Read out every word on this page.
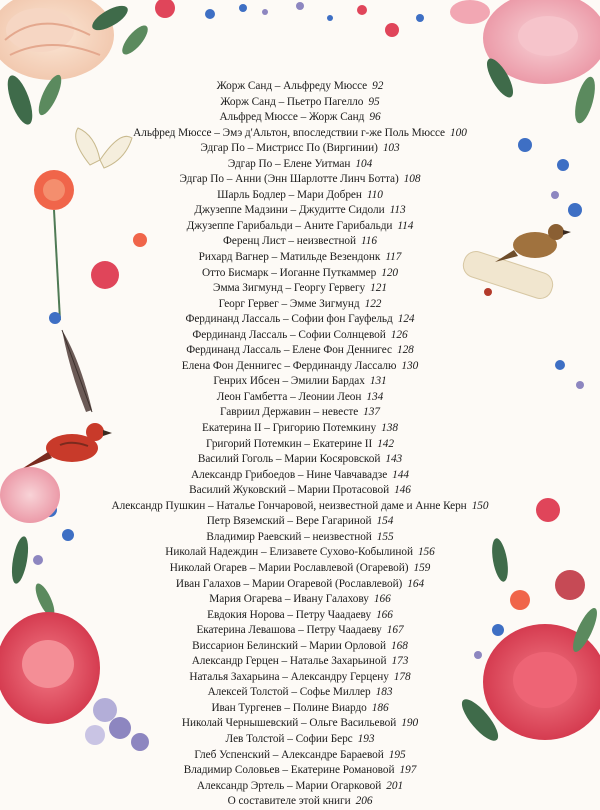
Жорж Санд – Альфреду Мюссе 92
Жорж Санд – Пьетро Пагелло 95
Альфред Мюссе – Жорж Санд 96
Альфред Мюссе – Эмэ д'Альтон, впоследствии г-же Поль Мюссе 100
Эдгар По – Мистрисс По (Виргинии) 103
Эдгар По – Елене Уитман 104
Эдгар По – Анни (Энн Шарлотте Линч Ботта) 108
Шарль Бодлер – Мари Добрен 110
Джузеппе Мадзини – Джудитте Сидоли 113
Джузеппе Гарибальди – Аните Гарибальди 114
Ференц Лист – неизвестной 116
Рихард Вагнер – Матильде Везендонк 117
Отто Бисмарк – Иоганне Путкаммер 120
Эмма Зигмунд – Георгу Гервегу 121
Георг Гервег – Эмме Зигмунд 122
Фердинанд Лассаль – Софии фон Гауфельд 124
Фердинанд Лассаль – Софии Солнцевой 126
Фердинанд Лассаль – Елене Фон Деннигес 128
Елена Фон Деннигес – Фердинанду Лассалю 130
Генрих Ибсен – Эмилии Бардах 131
Леон Гамбетта – Леонии Леон 134
Гавриил Державин – невесте 137
Екатерина II – Григорию Потемкину 138
Григорий Потемкин – Екатерине II 142
Василий Гоголь – Марии Косяровской 143
Александр Грибоедов – Нине Чавчавадзе 144
Василий Жуковский – Марии Протасовой 146
Александр Пушкин – Наталье Гончаровой, неизвестной даме и Анне Керн 150
Петр Вяземский – Вере Гагариной 154
Владимир Раевский – неизвестной 155
Николай Надеждин – Елизавете Сухово-Кобылиной 156
Николай Огарев – Марии Рославлевой (Огаревой) 159
Иван Галахов – Марии Огаревой (Рославлевой) 164
Мария Огарева – Ивану Галахову 166
Евдокия Норова – Петру Чаадаеву 166
Екатерина Левашова – Петру Чаадаеву 167
Виссарион Белинский – Марии Орловой 168
Александр Герцен – Наталье Захарьиной 173
Наталья Захарьина – Александру Герцену 178
Алексей Толстой – Софье Миллер 183
Иван Тургенев – Полине Виардо 186
Николай Чернышевский – Ольге Васильевой 190
Лев Толстой – Софии Берс 193
Глеб Успенский – Александре Бараевой 195
Владимир Соловьев – Екатерине Романовой 197
Александр Эртель – Марии Огарковой 201
О составителе этой книги 206
